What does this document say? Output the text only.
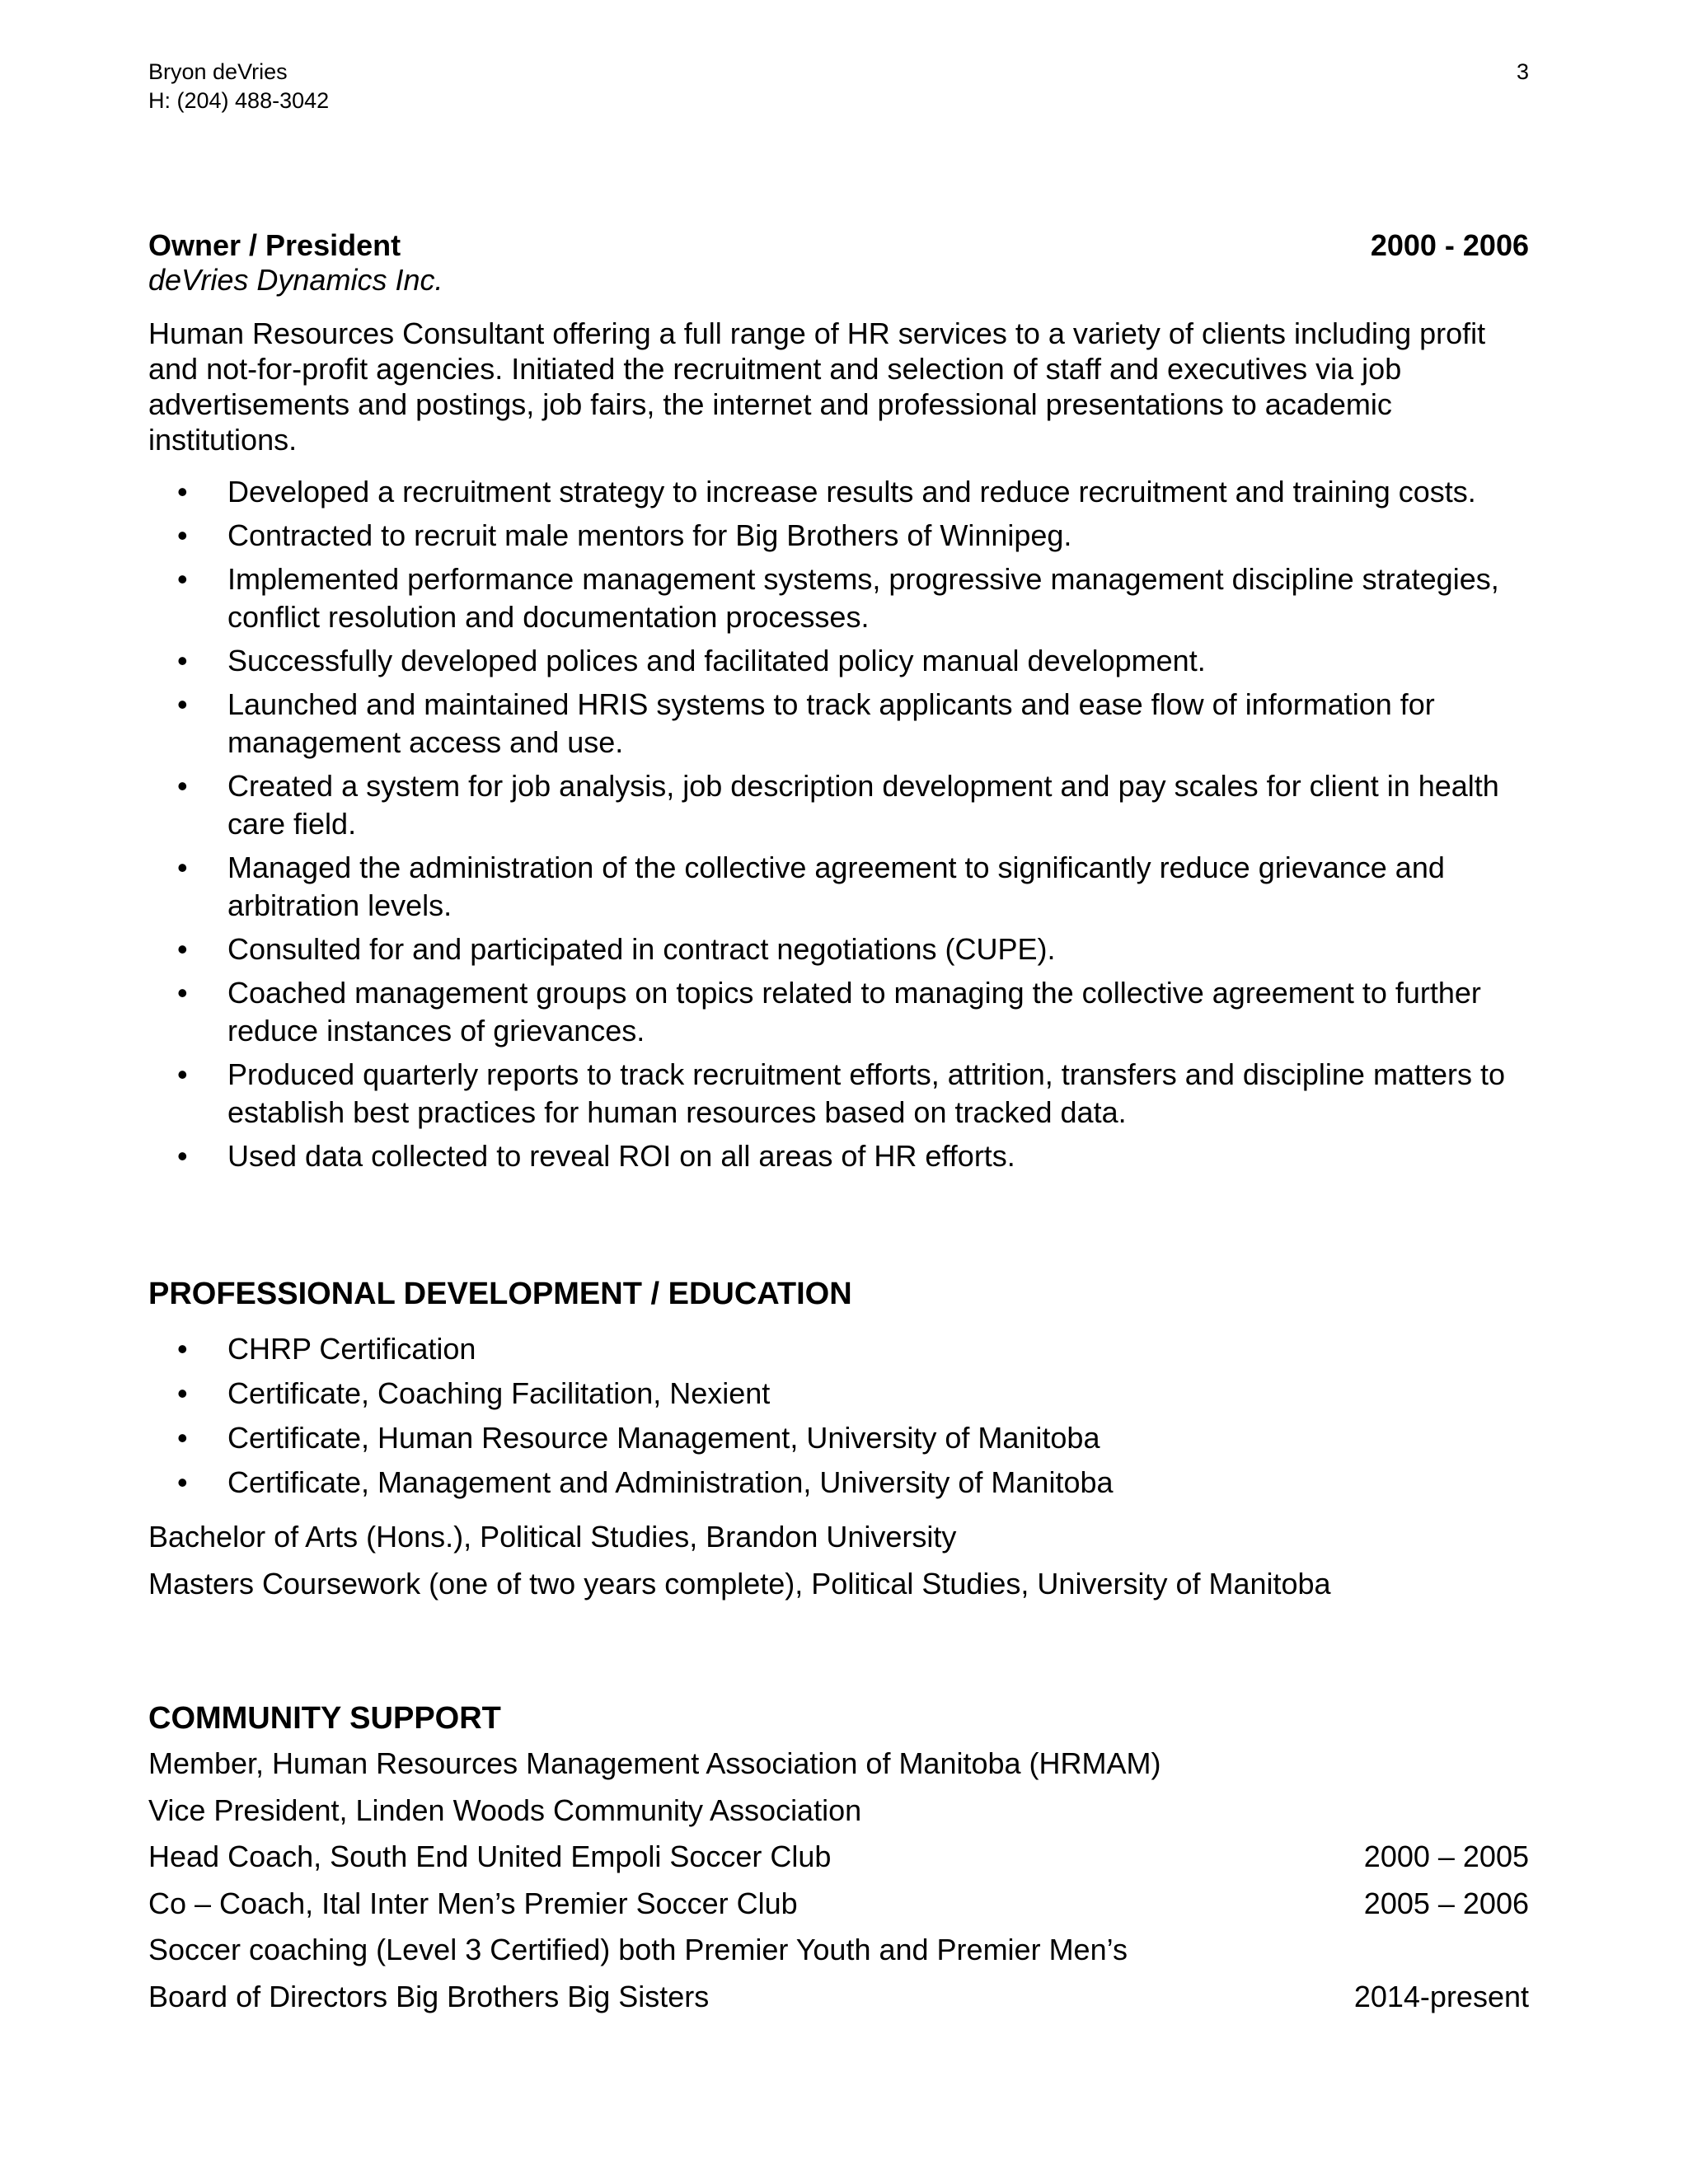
Bryon deVries
H: (204) 488-3042
3
Owner / President	2000 - 2006
deVries Dynamics Inc.

Human Resources Consultant offering a full range of HR services to a variety of clients including profit and not-for-profit agencies. Initiated the recruitment and selection of staff and executives via job advertisements and postings, job fairs, the internet and professional presentations to academic institutions.

• Developed a recruitment strategy to increase results and reduce recruitment and training costs.
• Contracted to recruit male mentors for Big Brothers of Winnipeg.
• Implemented performance management systems, progressive management discipline strategies, conflict resolution and documentation processes.
• Successfully developed polices and facilitated policy manual development.
• Launched and maintained HRIS systems to track applicants and ease flow of information for management access and use.
• Created a system for job analysis, job description development and pay scales for client in health care field.
• Managed the administration of the collective agreement to significantly reduce grievance and arbitration levels.
• Consulted for and participated in contract negotiations (CUPE).
• Coached management groups on topics related to managing the collective agreement to further reduce instances of grievances.
• Produced quarterly reports to track recruitment efforts, attrition, transfers and discipline matters to establish best practices for human resources based on tracked data.
• Used data collected to reveal ROI on all areas of HR efforts.
PROFESSIONAL DEVELOPMENT / EDUCATION
• CHRP Certification
• Certificate, Coaching Facilitation, Nexient
• Certificate, Human Resource Management, University of Manitoba
• Certificate, Management and Administration, University of Manitoba
Bachelor of Arts (Hons.), Political Studies, Brandon University
Masters Coursework (one of two years complete), Political Studies, University of Manitoba
COMMUNITY SUPPORT
Member, Human Resources Management Association of Manitoba (HRMAM)
Vice President, Linden Woods Community Association
Head Coach, South End United Empoli Soccer Club	2000 – 2005
Co – Coach, Ital Inter Men’s Premier Soccer Club	2005 – 2006
Soccer coaching (Level 3 Certified) both Premier Youth and Premier Men’s
Board of Directors Big Brothers Big Sisters	2014-present
